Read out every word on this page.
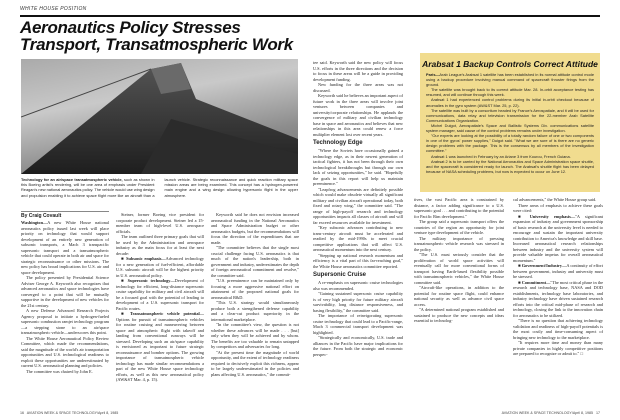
WHITE HOUSE POSITION
Aeronautics Policy Stresses Transport, Transatmospheric Work
Technology for an air/space transatmospheric vehicle, such as shown in this Boeing artist's rendering, will be one area of emphasis under President Reagan's new national aeronautics policy. The vehicle would use wing design and propulsion enabling it to achieve space flight more like an aircraft than a launch vehicle. Strategic reconnaissance and quick reaction military space mission areas are being examined. This concept has a hydrogen-powered main engine and a wing design allowing hypersonic flight in the upper atmosphere.
By Craig Covault

Washington—A new White House national aeronautics policy issued last week will place priority on technology that would support development of an entirely new generation of subsonic transports, a Mach 3 transpacific supersonic transport and a transatmospheric vehicle that could operate in both air and space for strategic reconnaissance or other missions. The new policy has broad implications for U.S. air and space development.

The policy presented by Presidential Science Adviser George A. Keyworth also recognizes that advanced aeronautics and space technologies have converged to a point that will be mutually supportive in the development of new vehicles for the 21st century.

A new Defense Advanced Research Projects Agency proposal to initiate a hydrogen-fueled supersonic combustion ramjet technology program—a stepping stone to an air/space transatmospheric vehicle—underscores this point.

The White House Aeronautical Policy Review Committee, which made the recommendations, said the magnitude of the world's air transportation opportunities and U.S. technological readiness to exploit these opportunities are underestimated by current U.S. aeronautical planning and policies.

The committee was chaired by John E.

Steiner, former Boeing vice president for corporate product development. Steiner led a 15-member team of high-level U.S. aerospace officials.

The team outlined three primary goals that will be used by the Administration and aerospace industry as the main focus for at least the next decade:

■ Subsonic emphasis—Advanced technology for a new generation of fuel-efficient, affordable U.S. subsonic aircraft will be the highest priority in U.S. aeronautical policy.

■ Supersonic technology—Development of technology for efficient, long-distance supersonic cruise capability for military and civil aircraft will be a focused goal with the potential of leading to development of a U.S. supersonic transport for Pacific routes.

■ Transatmospheric vehicle potential—Options for pursuit of transatmospheric vehicles for routine cruising and maneuvering between space and atmospheric flight with takeoff and landing from conventional runways will be stressed. Developing such an air/space capability is envisioned as important to future strategic reconnaissance and bomber options. The growing importance of transatmospheric vehicle technology has made similar recommendations a part of the new White House space technology efforts, as well as this new aeronautical policy (AW&ST Mar. 4, p. 15).

Keyworth said he does not envision increased aeronautical funding in the National Aeronautics and Space Administration budget or other aeronautics budgets, but the recommendations will focus the direction of the expenditures that are made.

"The committee believes that the single most crucial challenge facing U.S. aeronautics is that much of the nation's leadership, both in government and industry, underestimates the depth of foreign aeronautical commitment and resolve," the committee said.

"U.S. preeminence can be maintained only by focusing a more aggressive national effort on attainment of the proposed national goals for aeronautical R&D.

"This U.S. strategy would simultaneously produce both a strengthened defense capability and a clear-cut product superiority in the international marketplace.

"In the committee's view, the question is not whether these advances will be made . . . [but] only when they will be achieved and by whom. The benefits are too valuable to remain untapped by competitors and adversaries for long.

"At the present time the magnitude of world opportunity, and the extent of technology readiness required to decisively exploit this richness, appear to be largely underestimated in the policies and plans affecting U.S. aeronautics," the commit-

tee said. Keyworth said the new policy will focus U.S. efforts in the three directions and the decision to focus in these areas will be a guide in providing development funding.

New funding for the three areas was not discussed.

Keyworth said he believes an important aspect of future work in the three areas will involve joint ventures between companies and university/corporate relationships. He applauds the convergence of military and civilian technology base in space and aeronautics and believes that new relationships in this area could renew a force multiplier element lost over recent years.

Technology Edge

"Where the Soviets have occasionally gained a technology edge, as in their newest generation of tactical fighters, it has not been through their own technological breakthroughs but through our own lack of seizing opportunities," he said. "Hopefully the goals in this report will help us maintain preeminence."

"Leapfrog advancements are definitely possible which would make obsolete virtually all significant military and civilian aircraft operational today, both fixed and rotary wing," the committee said. "The range of high-payoff research and technology opportunities impacts all classes of aircraft and will far exceed resources available for investment.

"Key subsonic advances contributing to new trans-century aircraft must be accelerated and readied by the mid-1990s to meet crucial competitive applications that will affect U.S. aeronautical momentum into the next century.

"Stepping up national research momentum and efficiency is a vital part of this far-reaching goal," the White House aeronautics committee reported.

Supersonic Cruise

A re-emphasis on supersonic cruise technologies also was recommended.

"Gaining sustained supersonic cruise capability is of very high priority for future military aircraft survivability, long distance responsiveness, and basing flexibility," the committee said.

The importance of reinvigorating supersonic cruise technology that could lead to a Pacific-range, Mach 3 commercial transport development was highlighted.

"Strategically and economically, U.S. trade and alliances in the Pacific have major implications for the future. From both the strategic and economic perspec-

tives, the vast Pacific area is constrained by distance, a factor adding significance to a U.S. supersonic goal . . . and contributing to the potential for Pacific Rim development."

The group said a supersonic transport offers the countries of the region an opportunity for joint venture type development of the vehicle.

The military importance of pressing transatmospheric vehicle research was stressed in the policy.

"The U.S. must seriously consider that the proliferation of world space activities will eventually call for more conventional forms of transport having Earth-based flexibility possible with transatmospheric vehicles," the White House committee said.

"Aircraft-like operations, in addition to the potential for routine space flight, could enhance national security as well as advance civil space access.

"A determined national program established and sustained to produce the new concepts and ideas essential to technolog-

cal advancements," the White House group said.

Three areas of emphasis to achieve these goals were cited:

■ University emphasis—"A significant expansion of industry and government sponsorship of basic research at the university level is needed to encourage and sustain the important university contribution to America's knowledge and skill base. Increased aeronautical research relationships between industry and the university system will provide valuable impetus for overall aeronautical momentum."

■ Government/Industry—A continuity of effort between government, industry and university must be stressed.

■ Commitment—"The most critical phase in the research and technology base, NASA and DOD establishments, technology base laboratories, and industry technology have driven sustained research efforts into the critical mid-phase of research and technology, closing the link to the innovation chain for aeronautics to be utilized.

"There is no question that achieving technology validation and readiness of high-payoff potentials is the most costly and time-consuming aspect of bringing new technology to the marketplace.

"It requires more time and money than many private companies in highly competitive positions are prepared to recognize or admit to." □

Arabsat 1 Backup Controls Correct Attitude

Paris—Arab League's Arabsat 1 satellite has been established in its normal attitude control mode using a backup procedure involving manual command of spacecraft thruster firings from the ground.

The satellite was brought back to its correct attitude Mar. 28. In-orbit acceptance testing has resumed, and will continue through this week.

Arabsat 1 had experienced control problems during its initial in-orbit checkout because of anomalies in the gyro system (AW&ST Mar. 25, p. 22).

The satellite was built by a consortium headed by France's Aerospatiale, and it will be used for communications, data relay and television transmission for the 22-member Arab Satellite Communications Organization.

Michel Duigot, Aerospatiale's Space and Ballistic Systems Div. communications satellite system manager, said cause of the control problems remains under investigation.

"Our experts are looking at the possibility of a totally random failure of one or two components in one of the gyros' power supplies," Duigot said. "What we are sure of is there are no generic design problems with the package. This is the consensus by all members of the investigation committee."

Arabsat 1 was launched in February by an Ariane 3 from Kourou, French Guiana.

Arabsat 2 is to be carried by the National Aeronautics and Space Administration space shuttle, and the spacecraft is considered ready for launch. The Arabsat's shuttle flight has been delayed because of NASA scheduling problems, but now is expected to occur on June 12.

16 AVIATION WEEK & SPACE TECHNOLOGY/April 8, 1985	AVIATION WEEK & SPACE TECHNOLOGY/April 8, 1985 17
